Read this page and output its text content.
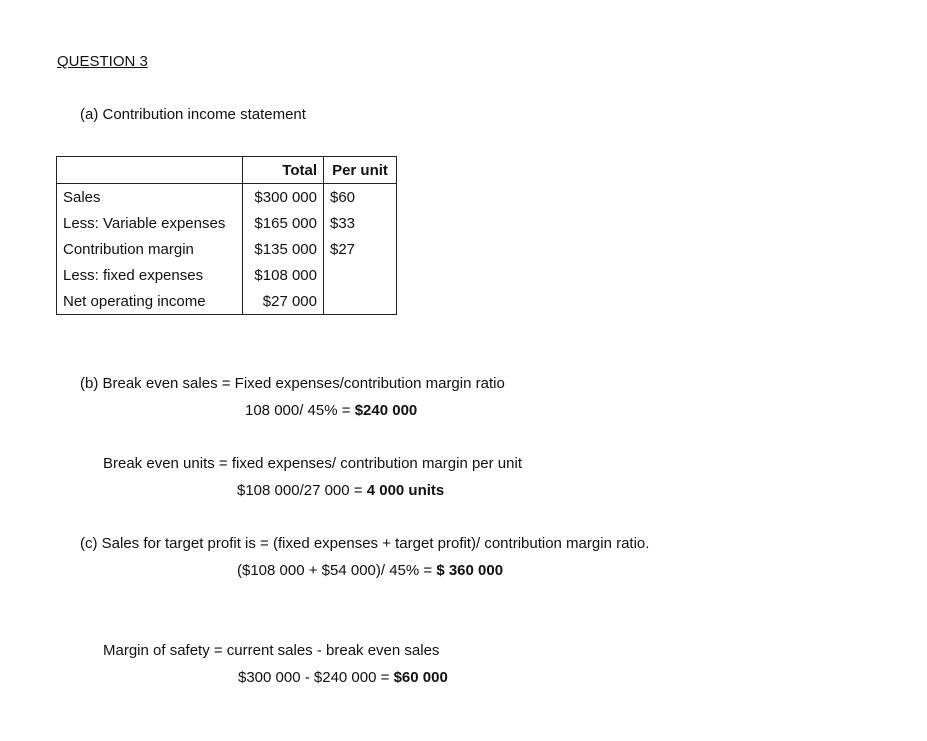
QUESTION 3
(a) Contribution income statement
	Total	Per unit
Sales	$300 000	$60
Less: Variable expenses	$165 000	$33
Contribution margin	$135 000	$27
Less: fixed expenses	$108 000	
Net operating income	$27 000	
(b) Break even sales = Fixed expenses/contribution margin ratio
108 000/ 45% = $240 000
Break even units = fixed expenses/ contribution margin per unit
$108 000/27 000 = 4 000 units
(c) Sales for target profit is = (fixed expenses + target profit)/ contribution margin ratio.
($108 000 + $54 000)/ 45% = $ 360 000
Margin of safety = current sales - break even sales
$300 000 - $240 000 = $60 000
